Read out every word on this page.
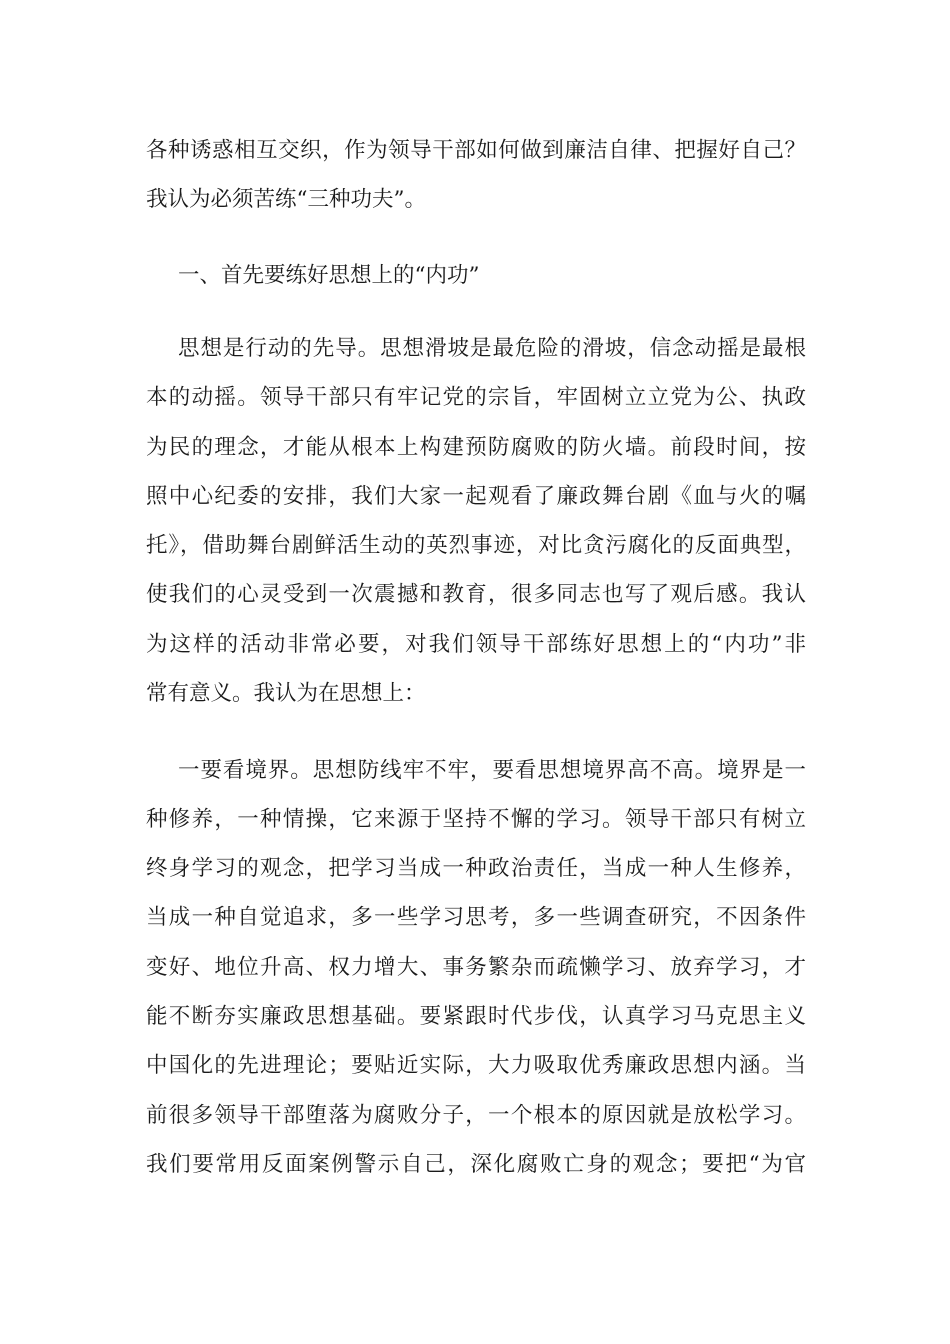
各种诱惑相互交织，作为领导干部如何做到廉洁自律、把握好自己？
我认为必须苦练“三种功夫”。
一、首先要练好思想上的“内功”
思想是行动的先导。思想滑坡是最危险的滑坡，信念动摇是最根
本的动摇。领导干部只有牢记党的宗旨，牢固树立立党为公、执政
为民的理念，才能从根本上构建预防腐败的防火墙。前段时间，按
照中心纪委的安排，我们大家一起观看了廉政舞台剧《血与火的嘱
托》，借助舞台剧鲜活生动的英烈事迹，对比贪污腐化的反面典型，
使我们的心灵受到一次震撼和教育，很多同志也写了观后感。我认
为这样的活动非常必要，对我们领导干部练好思想上的“内功”非
常有意义。我认为在思想上：
一要看境界。思想防线牢不牢，要看思想境界高不高。境界是一
种修养，一种情操，它来源于坚持不懈的学习。领导干部只有树立
终身学习的观念，把学习当成一种政治责任，当成一种人生修养，
当成一种自觉追求，多一些学习思考，多一些调查研究，不因条件
变好、地位升高、权力增大、事务繁杂而疏懒学习、放弃学习，才
能不断夯实廉政思想基础。要紧跟时代步伐，认真学习马克思主义
中国化的先进理论；要贴近实际，大力吸取优秀廉政思想内涵。当
前很多领导干部堕落为腐败分子，一个根本的原因就是放松学习。
我们要常用反面案例警示自己，深化腐败亡身的观念；要把“为官
